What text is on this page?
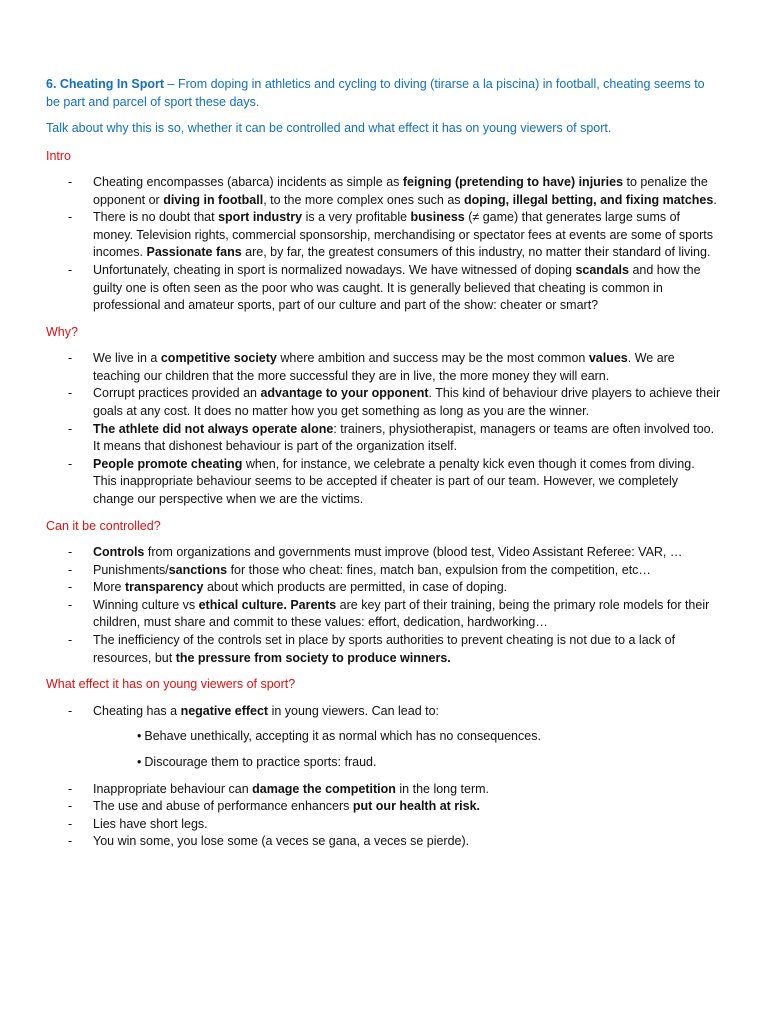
6. Cheating In Sport – From doping in athletics and cycling to diving (tirarse a la piscina) in football, cheating seems to be part and parcel of sport these days.

Talk about why this is so, whether it can be controlled and what effect it has on young viewers of sport.

Intro

- Cheating encompasses (abarca) incidents as simple as feigning (pretending to have) injuries to penalize the opponent or diving in football, to the more complex ones such as doping, illegal betting, and fixing matches.
- There is no doubt that sport industry is a very profitable business (≠ game) that generates large sums of money. Television rights, commercial sponsorship, merchandising or spectator fees at events are some of sports incomes. Passionate fans are, by far, the greatest consumers of this industry, no matter their standard of living.
- Unfortunately, cheating in sport is normalized nowadays. We have witnessed of doping scandals and how the guilty one is often seen as the poor who was caught. It is generally believed that cheating is common in professional and amateur sports, part of our culture and part of the show: cheater or smart?

Why?

- We live in a competitive society where ambition and success may be the most common values. We are teaching our children that the more successful they are in live, the more money they will earn.
- Corrupt practices provided an advantage to your opponent. This kind of behaviour drive players to achieve their goals at any cost. It does no matter how you get something as long as you are the winner.
- The athlete did not always operate alone: trainers, physiotherapist, managers or teams are often involved too. It means that dishonest behaviour is part of the organization itself.
- People promote cheating when, for instance, we celebrate a penalty kick even though it comes from diving. This inappropriate behaviour seems to be accepted if cheater is part of our team. However, we completely change our perspective when we are the victims.

Can it be controlled?

- Controls from organizations and governments must improve (blood test, Video Assistant Referee: VAR, …
- Punishments/sanctions for those who cheat: fines, match ban, expulsion from the competition, etc…
- More transparency about which products are permitted, in case of doping.
- Winning culture vs ethical culture. Parents are key part of their training, being the primary role models for their children, must share and commit to these values: effort, dedication, hardworking…
- The inefficiency of the controls set in place by sports authorities to prevent cheating is not due to a lack of resources, but the pressure from society to produce winners.

What effect it has on young viewers of sport?

- Cheating has a negative effect in young viewers. Can lead to:

• Behave unethically, accepting it as normal which has no consequences.

• Discourage them to practice sports: fraud.

- Inappropriate behaviour can damage the competition in the long term.
- The use and abuse of performance enhancers put our health at risk.
- Lies have short legs.
- You win some, you lose some (a veces se gana, a veces se pierde).
